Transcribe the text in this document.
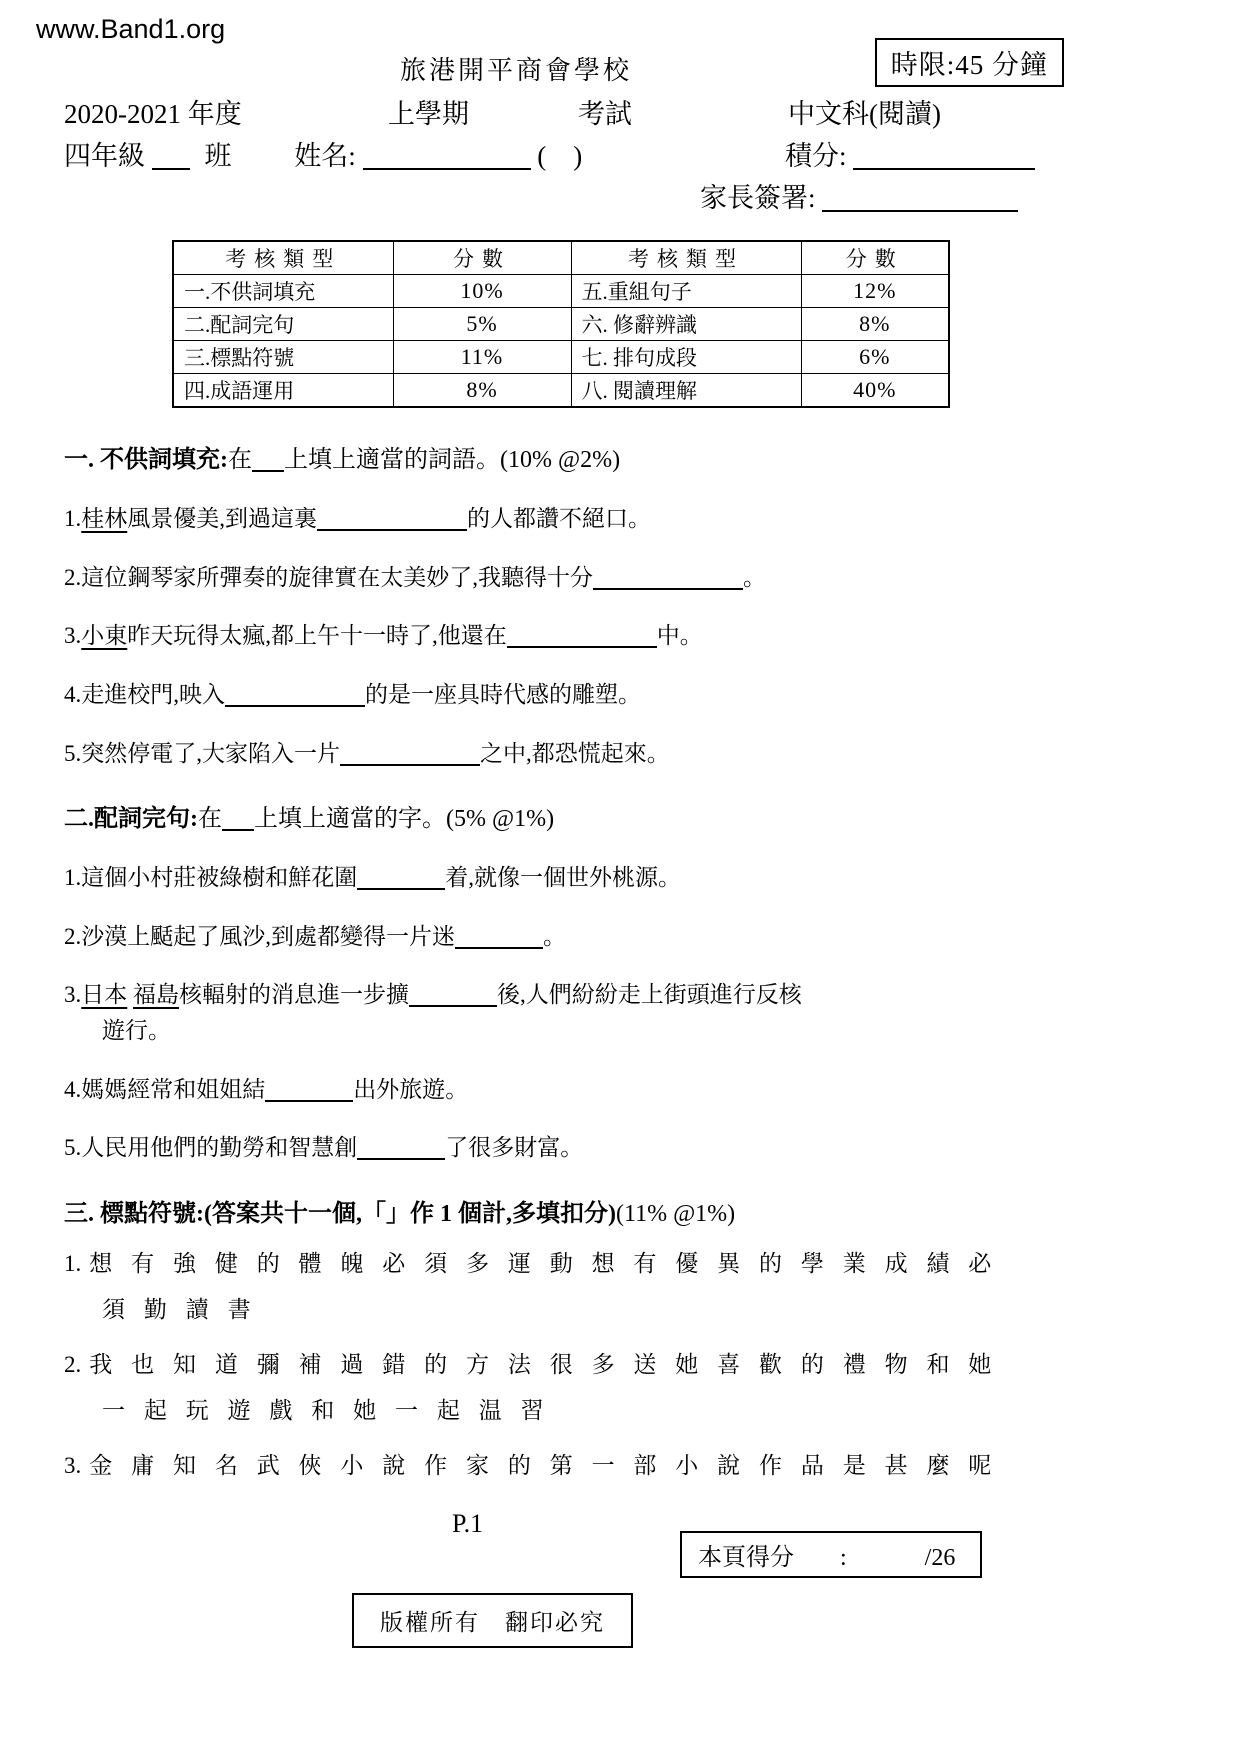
www.Band1.org
時限:45 分鐘
旅港開平商會學校
2020-2021 年度	上學期	考試	中文科(閱讀)
四年級 班 姓名:	(　)	積分:
家長簽署:
考核類型	分數	考核類型	分數
一.不供詞填充	10%	五.重組句子	12%
二.配詞完句	5%	六. 修辭辨識	8%
三.標點符號	11%	七. 排句成段	6%
四.成語運用	8%	八. 閱讀理解	40%
一. 不供詞填充:在 上填上適當的詞語。(10% @2%)
1.桂林風景優美,到過這裏	的人都讚不絕口。
2.這位鋼琴家所彈奏的旋律實在太美妙了,我聽得十分	。
3.小東昨天玩得太瘋,都上午十一時了,他還在	中。
4.走進校門,映入	的是一座具時代感的雕塑。
5.突然停電了,大家陷入一片	之中,都恐慌起來。
二.配詞完句:在 上填上適當的字。(5% @1%)
1.這個小村莊被綠樹和鮮花圍	着,就像一個世外桃源。
2.沙漠上颳起了風沙,到處都變得一片迷	。
3.日本 福島核輻射的消息進一步擴	後,人們紛紛走上街頭進行反核
遊行。
4.媽媽經常和姐姐結	出外旅遊。
5.人民用他們的勤勞和智慧創	了很多財富。
三. 標點符號:(答案共十一個,「」作 1 個計,多填扣分)(11% @1%)
1. 想有強健的體魄必須多運動想有優異的學業成績必
須勤讀書
2. 我也知道彌補過錯的方法很多送她喜歡的禮物和她
一起玩遊戲和她一起温習
3. 金庸知名武俠小說作家的第一部小說作品是甚麼呢
P.1
本頁得分 :	/26
版權所有　翻印必究
